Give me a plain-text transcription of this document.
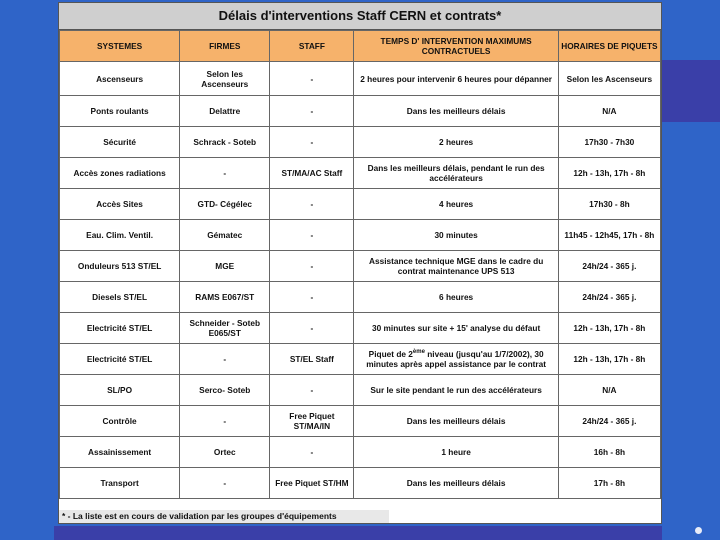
Délais d'interventions Staff CERN et contrats*
SYSTEMES	FIRMES	STAFF	TEMPS D' INTERVENTION MAXIMUMS CONTRACTUELS	HORAIRES DE PIQUETS
Ascenseurs	Selon les Ascenseurs	-	2 heures pour intervenir 6 heures pour dépanner	Selon les Ascenseurs
Ponts roulants	Delattre	-	Dans les meilleurs délais	N/A
Sécurité	Schrack - Soteb	-	2 heures	17h30 - 7h30
Accès zones radiations	-	ST/MA/AC Staff	Dans les meilleurs délais, pendant le run des accélérateurs	12h - 13h, 17h - 8h
Accès Sites	GTD- Cégélec	-	4 heures	17h30 - 8h
Eau. Clim. Ventil.	Gématec	-	30 minutes	11h45 - 12h45, 17h - 8h
Onduleurs 513 ST/EL	MGE	-	Assistance technique MGE dans le cadre du contrat maintenance UPS 513	24h/24 - 365 j.
Diesels ST/EL	RAMS E067/ST	-	6 heures	24h/24 - 365 j.
Electricité ST/EL	Schneider - Soteb E065/ST	-	30 minutes sur site + 15' analyse du défaut	12h - 13h, 17h - 8h
Electricité ST/EL	-	ST/EL Staff	Piquet de 2ème niveau (jusqu'au 1/7/2002), 30 minutes après appel assistance par le contrat	12h - 13h, 17h - 8h
SL/PO	Serco- Soteb	-	Sur le site pendant le run des accélérateurs	N/A
Contrôle	-	Free Piquet ST/MA/IN	Dans les meilleurs délais	24h/24 - 365 j.
Assainissement	Ortec	-	1 heure	16h - 8h
Transport	-	Free Piquet ST/HM	Dans les meilleurs délais	17h - 8h
* - La liste est en cours de validation par les groupes d'équipements
